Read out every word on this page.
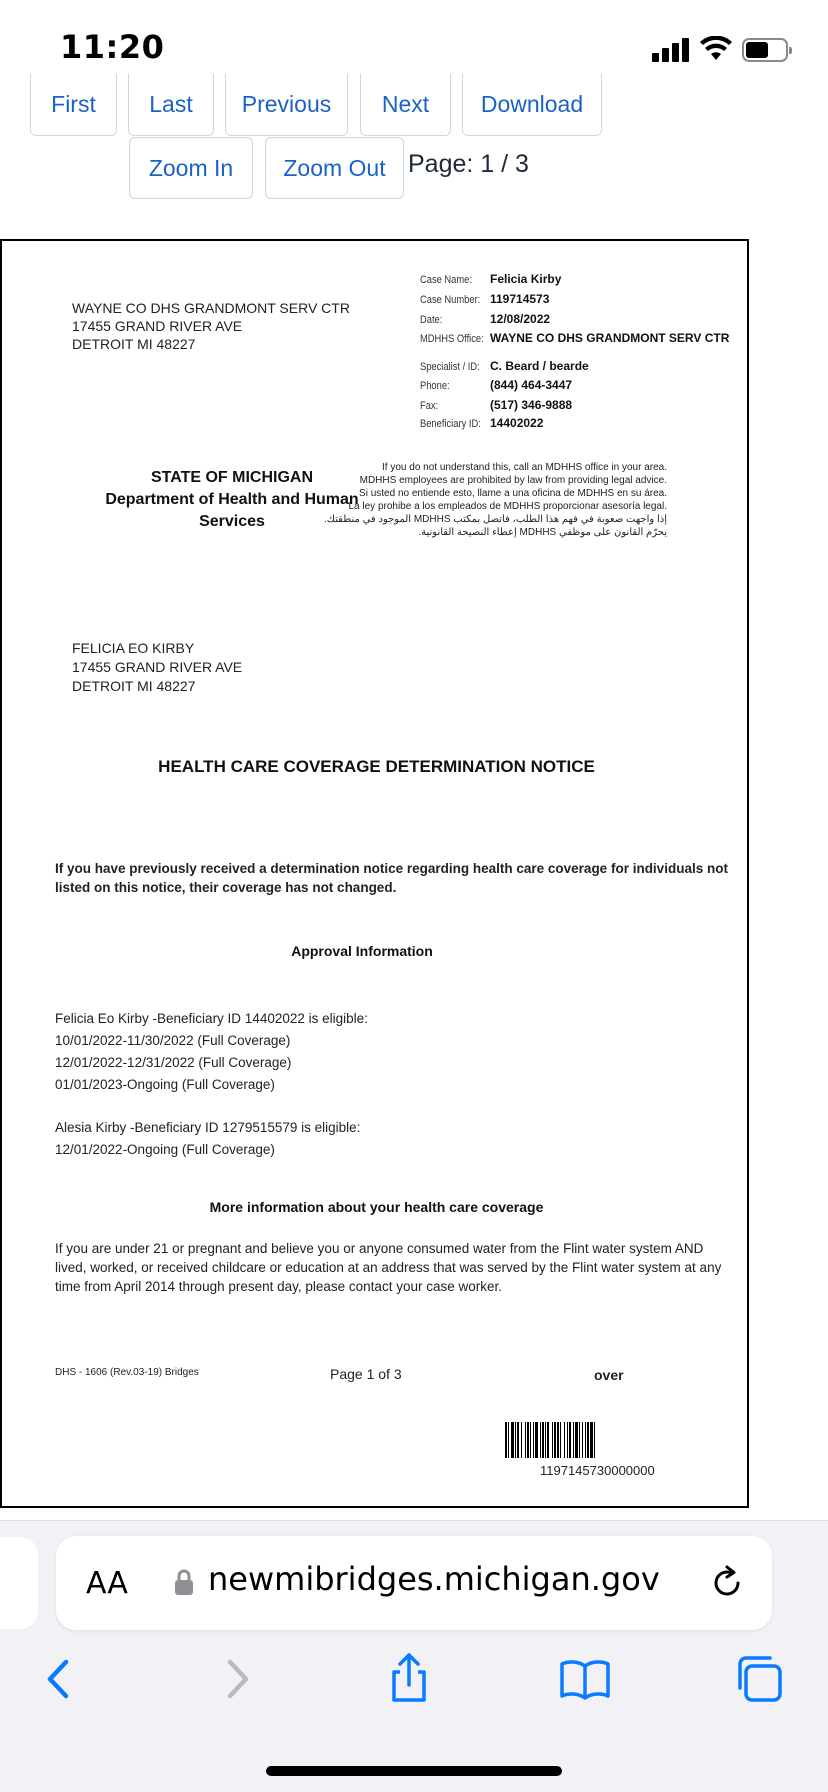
11:20
First	Last	Previous	Next	Download
Zoom In	Zoom Out Page: 1 / 3
WAYNE CO DHS GRANDMONT SERV CTR
17455 GRAND RIVER AVE
DETROIT MI 48227
Case Name: Felicia Kirby
Case Number: 119714573
Date:	12/08/2022
MDHHS Office: WAYNE CO DHS GRANDMONT SERV CTR
Specialist / ID: C. Beard / bearde
Phone:	(844) 464-3447
Fax:	(517) 346-9888
Beneficiary ID: 14402022
STATE OF MICHIGAN
Department of Health and Human Services
If you do not understand this, call an MDHHS office in your area.
MDHHS employees are prohibited by law from providing legal advice.
Si usted no entiende esto, llame a una oficina de MDHHS en su área.
La ley prohibe a los empleados de MDHHS proporcionar asesoría legal.
إذا واجهت صعوبة في فهم هذا الطلب، فاتصل بمكتب MDHHS الموجود في منطقتك.
يحرّم القانون على موظفي MDHHS إعطاء النصيحة القانونية.
FELICIA EO KIRBY
17455 GRAND RIVER AVE
DETROIT MI 48227
HEALTH CARE COVERAGE DETERMINATION NOTICE
If you have previously received a determination notice regarding health care coverage for individuals not
listed on this notice, their coverage has not changed.
Approval Information
Felicia Eo Kirby -Beneficiary ID 14402022 is eligible:
10/01/2022-11/30/2022 (Full Coverage)
12/01/2022-12/31/2022 (Full Coverage)
01/01/2023-Ongoing (Full Coverage)
Alesia Kirby -Beneficiary ID 1279515579 is eligible:
12/01/2022-Ongoing (Full Coverage)
More information about your health care coverage
If you are under 21 or pregnant and believe you or anyone consumed water from the Flint water system AND
lived, worked, or received childcare or education at an address that was served by the Flint water system at any
time from April 2014 through present day, please contact your case worker.
DHS - 1606 (Rev.03-19) Bridges	Page 1 of 3	over
1197145730000000
AA	newmibridges.michigan.gov
